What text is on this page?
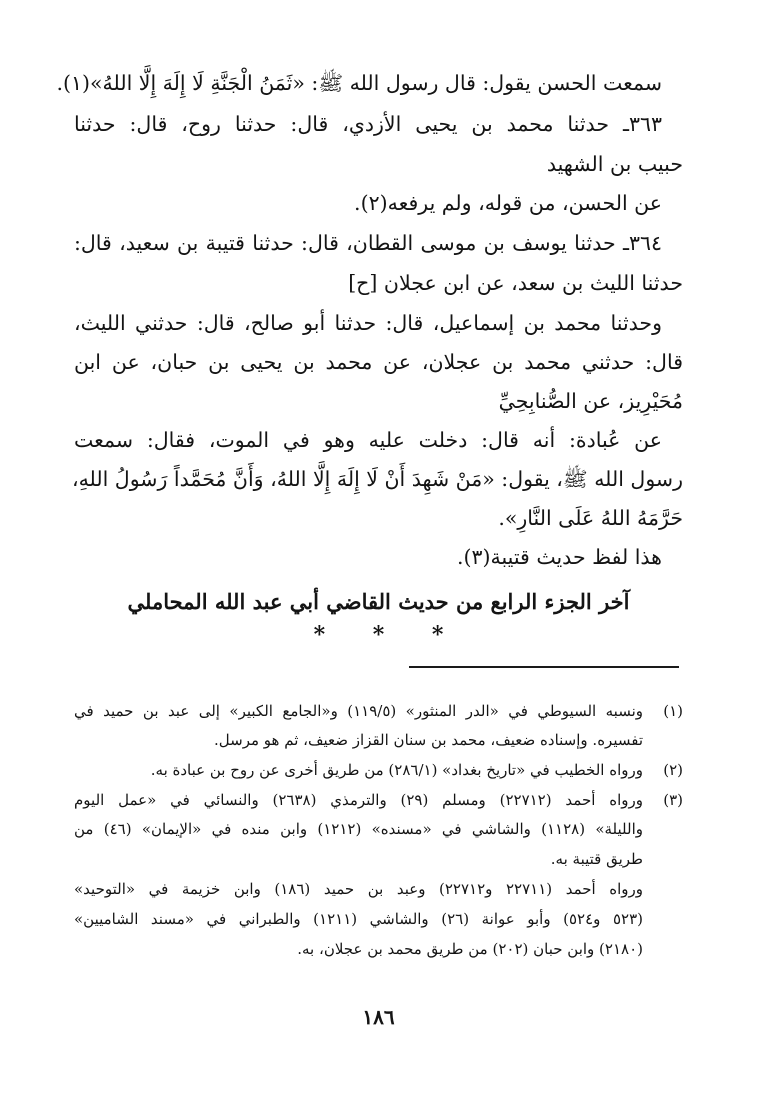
سمعت الحسن يقول: قال رسول الله ﷺ: «ثَمَنُ الْجَنَّةِ لَا إِلَهَ إِلَّا اللهُ»(١).
٣٦٣ـ حدثنا محمد بن يحيى الأزدي، قال: حدثنا روح، قال: حدثنا
حبيب بن الشهيد
عن الحسن، من قوله، ولم يرفعه(٢).
٣٦٤ـ حدثنا يوسف بن موسى القطان، قال: حدثنا قتيبة بن سعيد، قال:
حدثنا الليث بن سعد، عن ابن عجلان [ح]
وحدثنا محمد بن إسماعيل، قال: حدثنا أبو صالح، قال: حدثني الليث،
قال: حدثني محمد بن عجلان، عن محمد بن يحيى بن حبان، عن ابن
مُحَيْرِيز، عن الصُّنابِحِيِّ
عن عُبادة: أنه قال: دخلت عليه وهو في الموت، فقال: سمعت
رسول الله ﷺ، يقول: «مَنْ شَهِدَ أَنْ لَا إِلَهَ إِلَّا اللهُ، وَأَنَّ مُحَمَّداً رَسُولُ اللهِ،
حَرَّمَهُ اللهُ عَلَى النَّارِ».
هذا لفظ حديث قتيبة(٣).
آخر الجزء الرابع من حديث القاضي أبي عبد الله المحاملي
* * *
(١)
ونسبه السيوطي في «الدر المنثور» (١١٩/٥) و«الجامع الكبير» إلى عبد بن حميد في
تفسيره. وإسناده ضعيف، محمد بن سنان القزاز ضعيف، ثم هو مرسل.
(٢)
ورواه الخطيب في «تاريخ بغداد» (٢٨٦/١) من طريق أخرى عن روح بن عبادة به.
(٣)
ورواه أحمد (٢٢٧١٢) ومسلم (٢٩) والترمذي (٢٦٣٨) والنسائي في «عمل اليوم
والليلة» (١١٢٨) والشاشي في «مسنده» (١٢١٢) وابن منده في «الإيمان» (٤٦) من
طريق قتيبة به.
ورواه أحمد (٢٢٧١١ و٢٢٧١٢) وعبد بن حميد (١٨٦) وابن خزيمة في «التوحيد»
(٥٢٣ و٥٢٤) وأبو عوانة (٢٦) والشاشي (١٢١١) والطبراني في «مسند الشاميين»
(٢١٨٠) وابن حبان (٢٠٢) من طريق محمد بن عجلان، به.
١٨٦
